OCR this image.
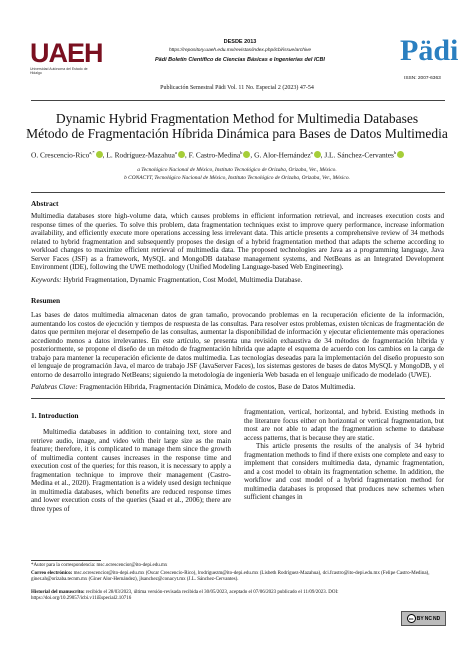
UAEH
Universidad Autónoma del Estado de Hidalgo
DESDE 2013
https://repository.uaeh.edu.mx/revistas/index.php/icbi/issue/archive
Pädi Boletín Científico de Ciencias Básicas e Ingenierías del ICBI	Pädi
ISSN: 2007-6363
Publicación Semestral Pädi Vol. 11 No. Especial 2 (2023) 47-54
Dynamic Hybrid Fragmentation Method for Multimedia Databases
Método de Fragmentación Híbrida Dinámica para Bases de Datos Multimedia
O. Crescencio-Rico$^{a,*}$ , L. Rodríguez-Mazahua$^a$ , F. Castro-Medina$^b$ , G. Alor-Hernández$^a$ , J.L. Sánchez-Cervantes$^b$
a Tecnológico Nacional de México, Instituto Tecnológico de Orizaba, Orizaba, Ver., México.
b CONACYT, Tecnológico Nacional de México, Instituto Tecnológico de Orizaba, Orizaba, Ver., México.
Abstract
Multimedia databases store high-volume data, which causes problems in efficient information retrieval, and increases execution costs and response times of the queries. To solve this problem, data fragmentation techniques exist to improve query performance, increase information availability, and efficiently execute more operations accessing less irrelevant data. This article presents a comprehensive review of 34 methods related to hybrid fragmentation and subsequently proposes the design of a hybrid fragmentation method that adapts the scheme according to workload changes to maximize efficient retrieval of multimedia data. The proposed technologies are Java as a programming language, Java Server Faces (JSF) as a framework, MySQL and MongoDB database management systems, and NetBeans as an Integrated Development Environment (IDE), following the UWE methodology (Unified Modeling Language-based Web Engineering).
Keywords: Hybrid Fragmentation, Dynamic Fragmentation, Cost Model, Multimedia Database.
Resumen
Las bases de datos multimedia almacenan datos de gran tamaño, provocando problemas en la recuperación eficiente de la información, aumentando los costos de ejecución y tiempos de respuesta de las consultas. Para resolver estos problemas, existen técnicas de fragmentación de datos que permiten mejorar el desempeño de las consultas, aumentar la disponibilidad de información y ejecutar eficientemente más operaciones accediendo menos a datos irrelevantes. En este artículo, se presenta una revisión exhaustiva de 34 métodos de fragmentación híbrida y posteriormente, se propone el diseño de un método de fragmentación híbrida que adapte el esquema de acuerdo con los cambios en la carga de trabajo para mantener la recuperación eficiente de datos multimedia. Las tecnologías deseadas para la implementación del diseño propuesto son el lenguaje de programación Java, el marco de trabajo JSF (JavaServer Faces), los sistemas gestores de bases de datos MySQL y MongoDB, y el entorno de desarrollo integrado NetBeans; siguiendo la metodología de ingeniería Web basada en el lenguaje unificado de modelado (UWE).
Palabras Clave: Fragmentación Híbrida, Fragmentación Dinámica, Modelo de costos, Base de Datos Multimedia.
1. Introduction
Multimedia databases in addition to containing text, store and retrieve audio, image, and video with their large size as the main feature; therefore, it is complicated to manage them since the growth of multimedia content causes increases in the response time and execution cost of the queries; for this reason, it is necessary to apply a fragmentation technique to improve their management (Castro-Medina et al., 2020). Fragmentation is a widely used design technique in multimedia databases, which benefits are reduced response times and lower execution costs of the queries (Saad et al., 2006); there are three types of
fragmentation, vertical, horizontal, and hybrid. Existing methods in the literature focus either on horizontal or vertical fragmentation, but most are not able to adapt the fragmentation scheme to database access patterns, that is because they are static.
This article presents the results of the analysis of 34 hybrid fragmentation methods to find if there exists one complete and easy to implement that considers multimedia data, dynamic fragmentation, and a cost model to obtain its fragmentation scheme. In addition, the workflow and cost model of a hybrid fragmentation method for multimedia databases is proposed that produces new schemes when sufficient changes in
*Autor para la correspondencia: msc.ocrescencior@ito-depi.edu.mx
Correo electrónico: msc.ocrescencior@ito-depi.edu.mx (Oscar Crescencio-Rico), lrodriguezm@ito-depi.edu.mx (Lisbeth Rodríguez-Mazahua), dci.fcastro@ito-depi.edu.mx (Felipe Castro-Medina), giner.ah@orizaba.tecnm.mx (Giner Alor-Hernández), jlsanchez@conacyt.mx (J.L. Sánchez-Cervantes).
Historial del manuscrito: recibido el 28/03/2023, última versión-revisada recibida el 30/05/2023, aceptado el 07/06/2023 publicado el 11/09/2023. DOI: https://doi.org/10.29057/icbi.v11iEspecial2.10716
cc BY NC ND
